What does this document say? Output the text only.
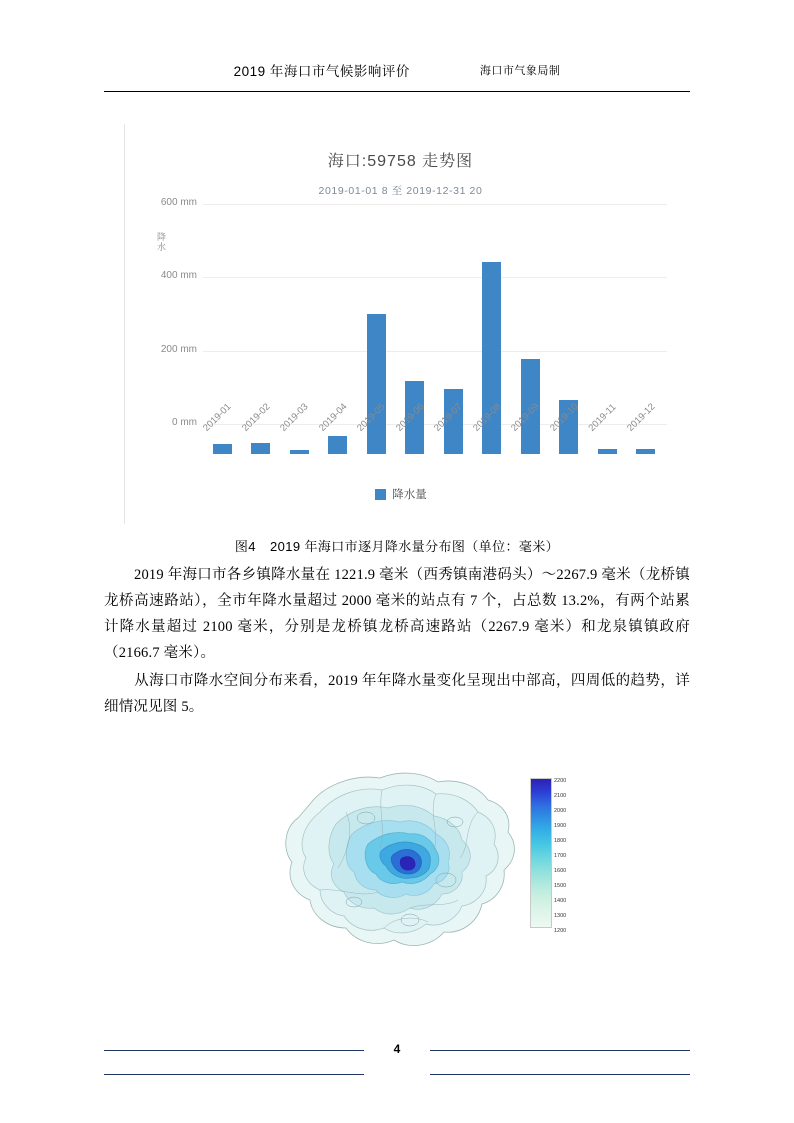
2019 年海口市气候影响评价	海口市气象局制
海口:59758 走势图
2019-01-01 8 至 2019-12-31 20
降水
0 mm
200 mm
400 mm
600 mm
2019-01 2019-02 2019-03 2019-04 2019-05 2019-06 2019-07 2019-08 2019-09 2019-10 2019-11 2019-12
降水量
图4 2019 年海口市逐月降水量分布图（单位：毫米）
2019 年海口市各乡镇降水量在 1221.9 毫米（西秀镇南港码头）～2267.9 毫米（龙桥镇龙桥高速路站），全市年降水量超过 2000 毫米的站点有 7 个，占总数 13.2%，有两个站累计降水量超过 2100 毫米，分别是龙桥镇龙桥高速路站（2267.9 毫米）和龙泉镇镇政府（2166.7 毫米）。
从海口市降水空间分布来看，2019 年年降水量变化呈现出中部高，四周低的趋势，详细情况见图 5。
2200
2100
2000
1900
1800
1700
1600
1500
1400
1300
1200
4
